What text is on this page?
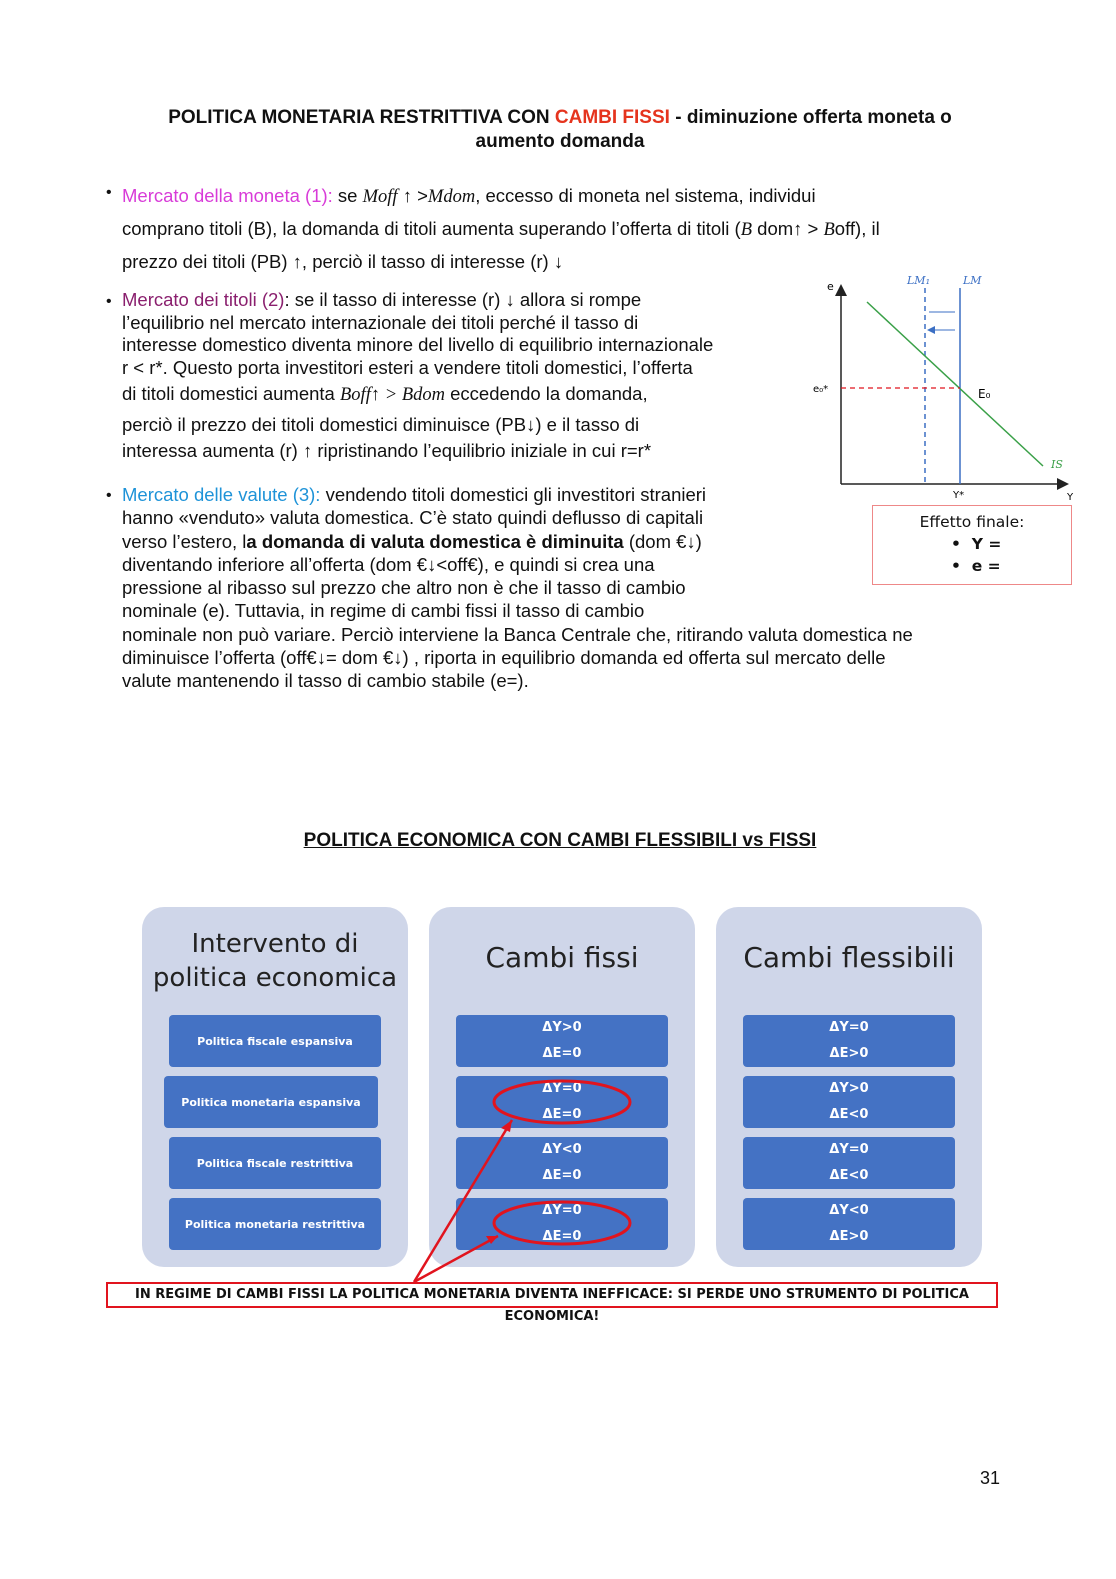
POLITICA MONETARIA RESTRITTIVA CON CAMBI FISSI - diminuzione offerta moneta o
aumento domanda
• Mercato della moneta (1): se Moff ↑ >Mdom, eccesso di moneta nel sistema, individui
comprano titoli (B), la domanda di titoli aumenta superando l’offerta di titoli (B dom↑ > Boff), il
prezzo dei titoli (PB) ↑, perciò il tasso di interesse (r) ↓
• Mercato dei titoli (2): se il tasso di interesse (r) ↓ allora si rompe
l’equilibrio nel mercato internazionale dei titoli perché il tasso di
interesse domestico diventa minore del livello di equilibrio internazionale
r < r*. Questo porta investitori esteri a vendere titoli domestici, l’offerta
di titoli domestici aumenta Boff↑ > Bdom eccedendo la domanda,
perciò il prezzo dei titoli domestici diminuisce (PB↓) e il tasso di
interessa aumenta (r) ↑ ripristinando l’equilibrio iniziale in cui r=r*
• Mercato delle valute (3): vendendo titoli domestici gli investitori stranieri
hanno «venduto» valuta domestica. C’è stato quindi deflusso di capitali
verso l’estero, la domanda di valuta domestica è diminuita (dom €↓)
diventando inferiore all’offerta (dom €↓<off€), e quindi si crea una
pressione al ribasso sul prezzo che altro non è che il tasso di cambio
nominale (e). Tuttavia, in regime di cambi fissi il tasso di cambio
nominale non può variare. Perciò interviene la Banca Centrale che, ritirando valuta domestica ne
diminuisce l’offerta (off€↓= dom €↓) , riporta in equilibrio domanda ed offerta sul mercato delle
valute mantenendo il tasso di cambio stabile (e=).
e
Y
LM₁	LM
IS
e₀*	E₀
Y*
Effetto finale:
•  Y =
•  e =
POLITICA ECONOMICA CON CAMBI FLESSIBILI vs FISSI
Intervento di
politica economica
Politica fiscale espansiva
Politica monetaria espansiva
Politica fiscale restrittiva
Politica monetaria restrittiva
Cambi fissi
ΔY>0
ΔE=0
ΔY=0
ΔE=0
ΔY<0
ΔE=0
ΔY=0
ΔE=0
Cambi flessibili
ΔY=0
ΔE>0
ΔY>0
ΔE<0
ΔY=0
ΔE<0
ΔY<0
ΔE>0
IN REGIME DI CAMBI FISSI LA POLITICA MONETARIA DIVENTA INEFFICACE: SI PERDE UNO STRUMENTO DI POLITICA ECONOMICA!
31
